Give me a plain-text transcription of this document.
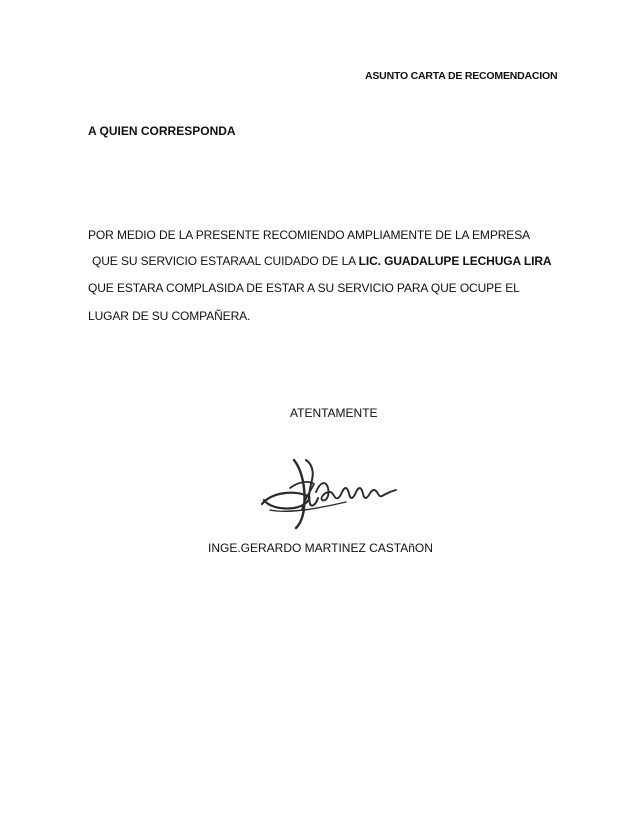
ASUNTO CARTA DE RECOMENDACION
A QUIEN CORRESPONDA
POR MEDIO DE LA PRESENTE RECOMIENDO AMPLIAMENTE DE LA EMPRESA
QUE SU SERVICIO ESTARAAL CUIDADO DE LA LIC. GUADALUPE LECHUGA LIRA
QUE ESTARA COMPLASIDA DE ESTAR A SU SERVICIO PARA QUE OCUPE EL
LUGAR DE SU COMPAÑERA.
ATENTAMENTE
INGE.GERARDO MARTINEZ CASTAñON
